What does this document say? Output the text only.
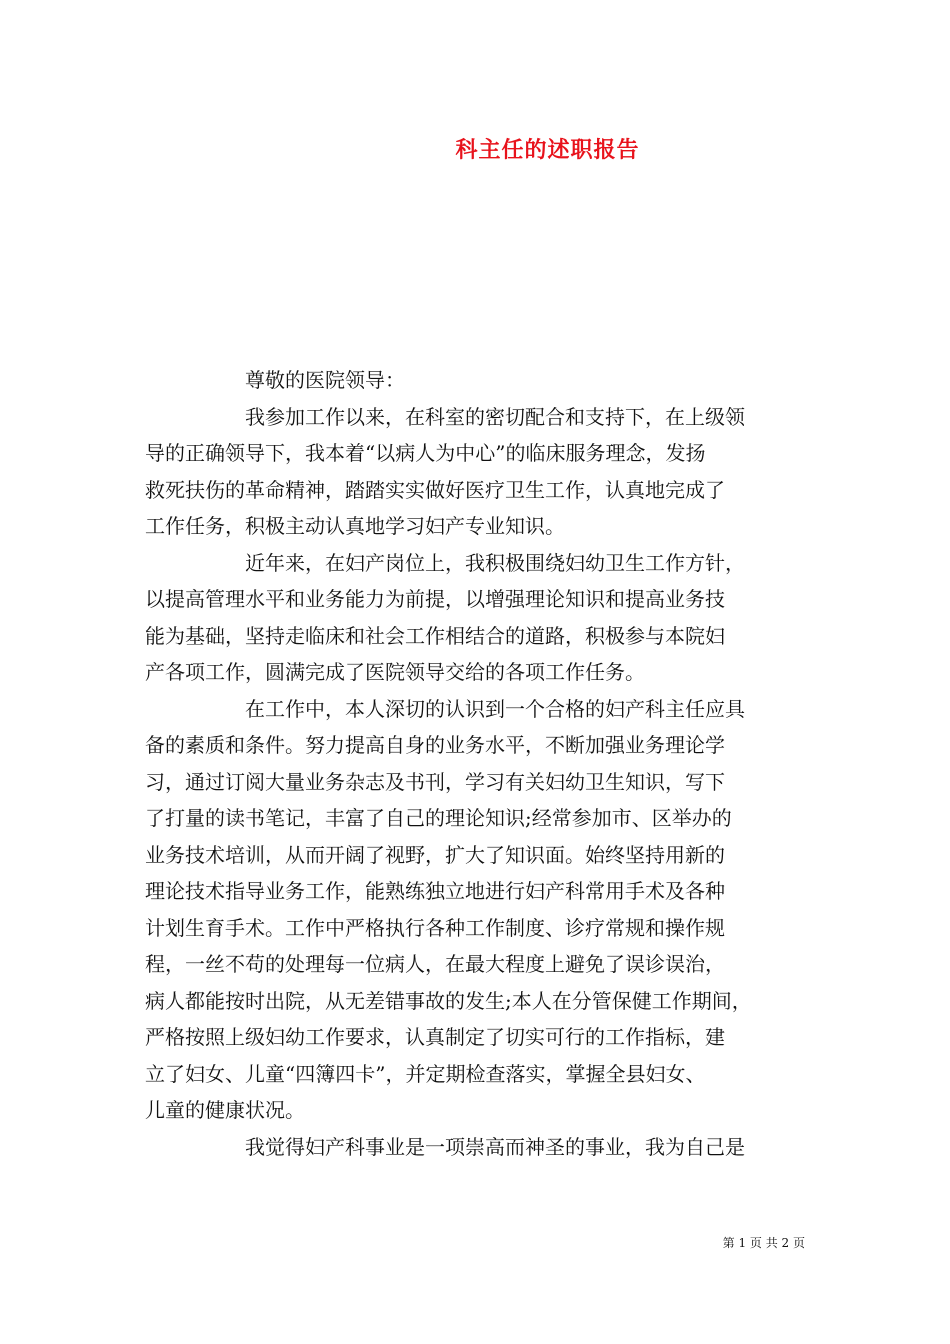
科主任的述职报告
尊敬的医院领导：
我参加工作以来，在科室的密切配合和支持下，在上级领
导的正确领导下，我本着“以病人为中心”的临床服务理念，发扬
救死扶伤的革命精神，踏踏实实做好医疗卫生工作，认真地完成了
工作任务，积极主动认真地学习妇产专业知识。
近年来，在妇产岗位上，我积极围绕妇幼卫生工作方针，
以提高管理水平和业务能力为前提，以增强理论知识和提高业务技
能为基础，坚持走临床和社会工作相结合的道路，积极参与本院妇
产各项工作，圆满完成了医院领导交给的各项工作任务。
在工作中，本人深切的认识到一个合格的妇产科主任应具
备的素质和条件。努力提高自身的业务水平，不断加强业务理论学
习，通过订阅大量业务杂志及书刊，学习有关妇幼卫生知识，写下
了打量的读书笔记，丰富了自己的理论知识;经常参加市、区举办的
业务技术培训，从而开阔了视野，扩大了知识面。始终坚持用新的
理论技术指导业务工作，能熟练独立地进行妇产科常用手术及各种
计划生育手术。工作中严格执行各种工作制度、诊疗常规和操作规
程，一丝不苟的处理每一位病人，在最大程度上避免了误诊误治，
病人都能按时出院，从无差错事故的发生;本人在分管保健工作期间，
严格按照上级妇幼工作要求，认真制定了切实可行的工作指标，建
立了妇女、儿童“四簿四卡”，并定期检查落实，掌握全县妇女、
儿童的健康状况。
我觉得妇产科事业是一项崇高而神圣的事业，我为自己是
第 1 页 共 2 页
